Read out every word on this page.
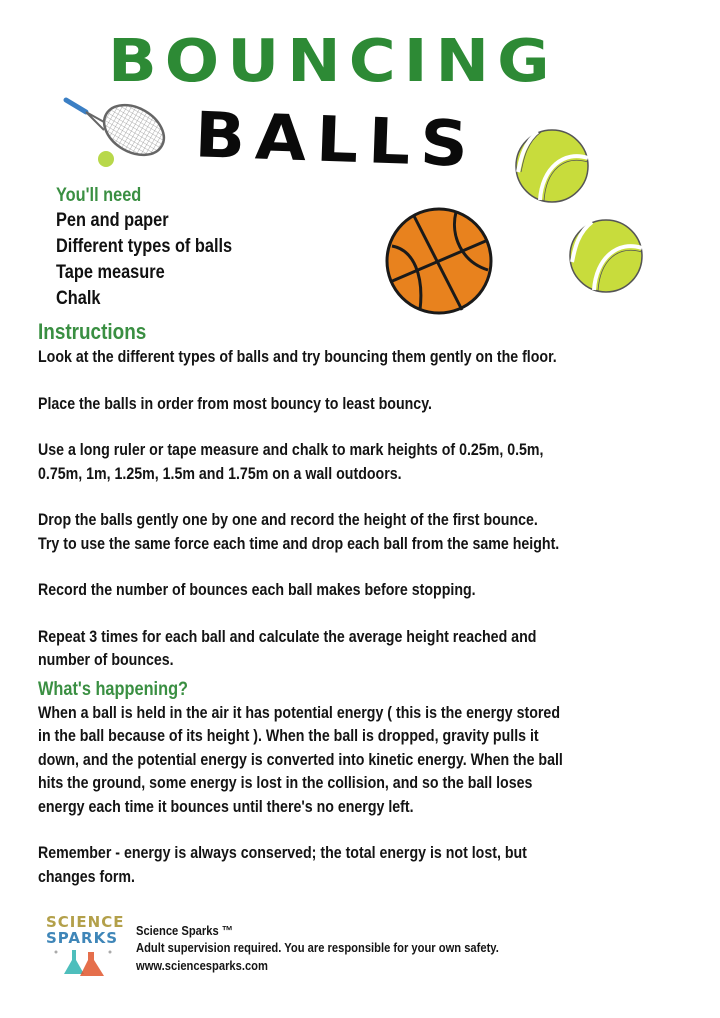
BOUNCING
BALLS
You'll need
Pen and paper
Different types of balls
Tape measure
Chalk
Instructions

Look at the different types of balls and try bouncing them gently on the floor.

Place the balls in order from most bouncy to least bouncy.

Use a long ruler or tape measure and chalk to mark heights of 0.25m, 0.5m,
0.75m, 1m, 1.25m, 1.5m and 1.75m on a wall outdoors.

Drop the balls gently one by one and record the height of the first bounce.
Try to use the same force each time and drop each ball from the same height.

Record the number of bounces each ball makes before stopping.

Repeat 3 times for each ball and calculate the average height reached and
number of bounces.

What's happening?

When a ball is held in the air it has potential energy ( this is the energy stored
in the ball because of its height ). When the ball is dropped, gravity pulls it
down, and the potential energy is converted into kinetic energy. When the ball
hits the ground, some energy is lost in the collision, and so the ball loses
energy each time it bounces until there's no energy left.

Remember - energy is always conserved; the total energy is not lost, but
changes form.

SCIENCE
SPARKS	Science Sparks ™
Adult supervision required. You are responsible for your own safety.
www.sciencesparks.com
